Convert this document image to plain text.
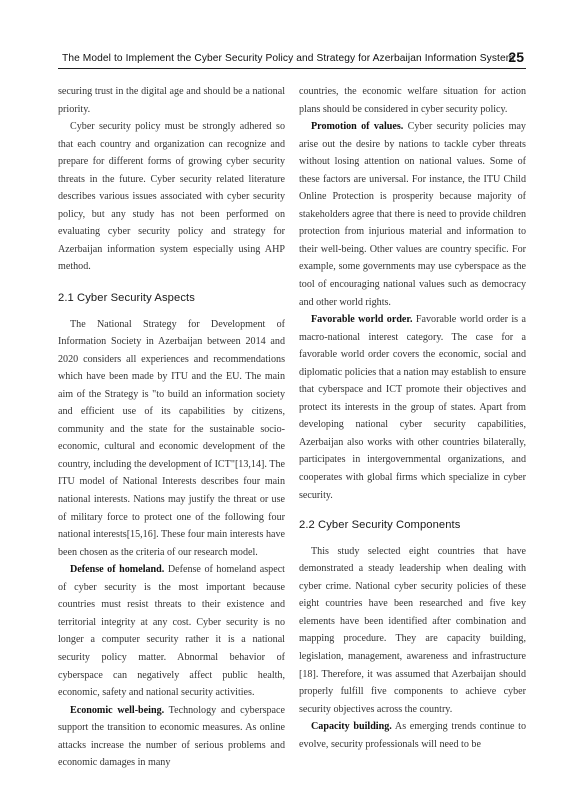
The Model to Implement the Cyber Security Policy and Strategy for Azerbaijan Information System
25

securing trust in the digital age and should be a national priority.

Cyber security policy must be strongly adhered so that each country and organization can recognize and prepare for different forms of growing cyber security threats in the future. Cyber security related literature describes various issues associated with cyber security policy, but any study has not been performed on evaluating cyber security policy and strategy for Azerbaijan information system especially using AHP method.

2.1 Cyber Security Aspects

The National Strategy for Development of Information Society in Azerbaijan between 2014 and 2020 considers all experiences and recommendations which have been made by ITU and the EU. The main aim of the Strategy is "to build an information society and efficient use of its capabilities by citizens, community and the state for the sustainable socio-economic, cultural and economic development of the country, including the development of ICT"[13,14]. The ITU model of National Interests describes four main national interests. Nations may justify the threat or use of military force to protect one of the following four national interests[15,16]. These four main interests have been chosen as the criteria of our research model.

Defense of homeland. Defense of homeland aspect of cyber security is the most important because countries must resist threats to their existence and territorial integrity at any cost. Cyber security is no longer a computer security rather it is a national security policy matter. Abnormal behavior of cyberspace can negatively affect public health, economic, safety and national security activities.

Economic well-being. Technology and cyberspace support the transition to economic measures. As online attacks increase the number of serious problems and economic damages in many

countries, the economic welfare situation for action plans should be considered in cyber security policy.

Promotion of values. Cyber security policies may arise out the desire by nations to tackle cyber threats without losing attention on national values. Some of these factors are universal. For instance, the ITU Child Online Protection is prosperity because majority of stakeholders agree that there is need to provide children protection from injurious material and information to their well-being. Other values are country specific. For example, some governments may use cyberspace as the tool of encouraging national values such as democracy and other world rights.

Favorable world order. Favorable world order is a macro-national interest category. The case for a favorable world order covers the economic, social and diplomatic policies that a nation may establish to ensure that cyberspace and ICT promote their objectives and protect its interests in the group of states. Apart from developing national cyber security capabilities, Azerbaijan also works with other countries bilaterally, participates in intergovernmental organizations, and cooperates with global firms which specialize in cyber security.

2.2 Cyber Security Components

This study selected eight countries that have demonstrated a steady leadership when dealing with cyber crime. National cyber security policies of these eight countries have been researched and five key elements have been identified after combination and mapping procedure. They are capacity building, legislation, management, awareness and infrastructure [18]. Therefore, it was assumed that Azerbaijan should properly fulfill five components to achieve cyber security objectives across the country.

Capacity building. As emerging trends continue to evolve, security professionals will need to be
